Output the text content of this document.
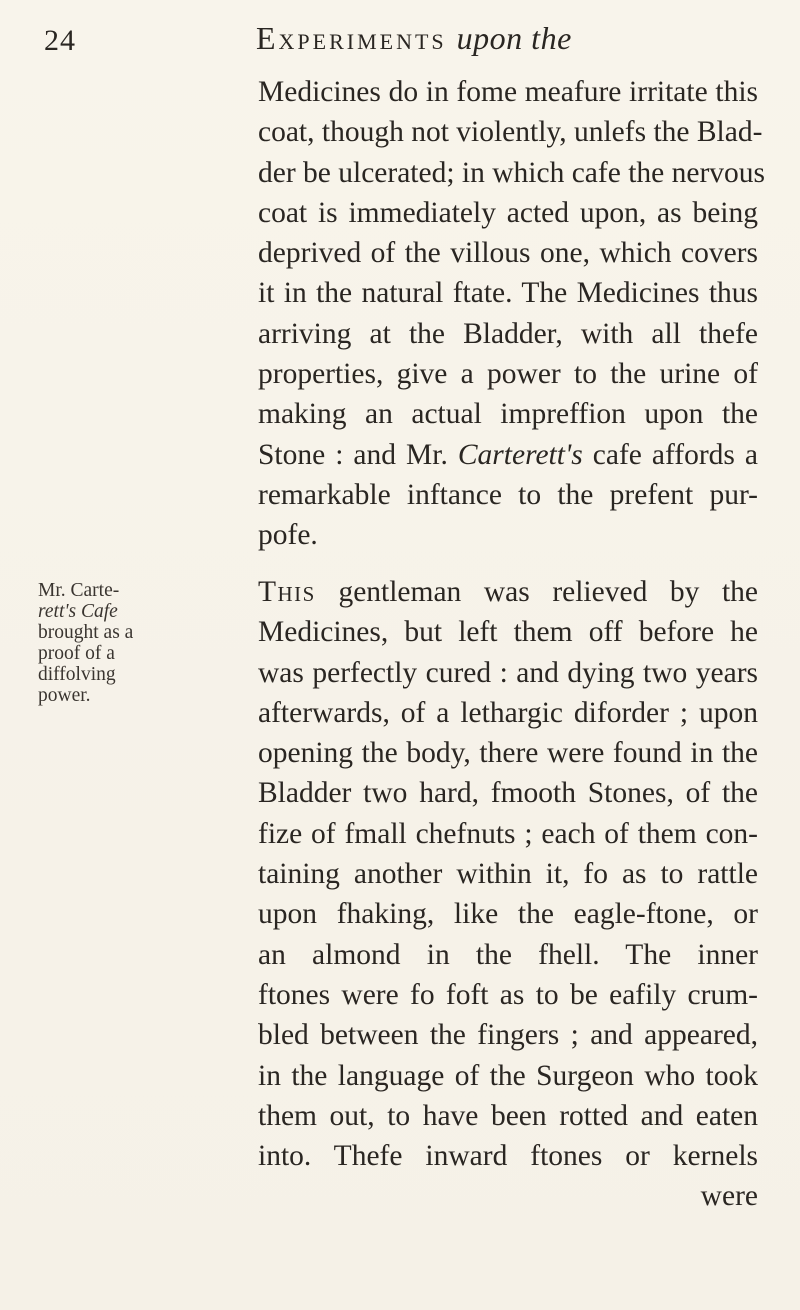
24	Experiments upon the
Medicines do in fome meafure irritate this
coat, though not violently, unlefs the Blad-
der be ulcerated; in which cafe the nervous
coat is immediately acted upon, as being
deprived of the villous one, which covers
it in the natural ftate. The Medicines thus
arriving at the Bladder, with all thefe
properties, give a power to the urine of
making an actual impreffion upon the
Stone : and Mr. Carterett's cafe affords a
remarkable inftance to the prefent pur-
pofe.
Mr. Carte-
rett's Cafe
brought as a
proof of a
diffolving
power.
This gentleman was relieved by the
Medicines, but left them off before he
was perfectly cured : and dying two years
afterwards, of a lethargic diforder ; upon
opening the body, there were found in the
Bladder two hard, fmooth Stones, of the
fize of fmall chefnuts ; each of them con-
taining another within it, fo as to rattle
upon fhaking, like the eagle-ftone, or
an almond in the fhell. The inner
ftones were fo foft as to be eafily crum-
bled between the fingers ; and appeared,
in the language of the Surgeon who took
them out, to have been rotted and eaten
into. Thefe inward ftones or kernels
were
